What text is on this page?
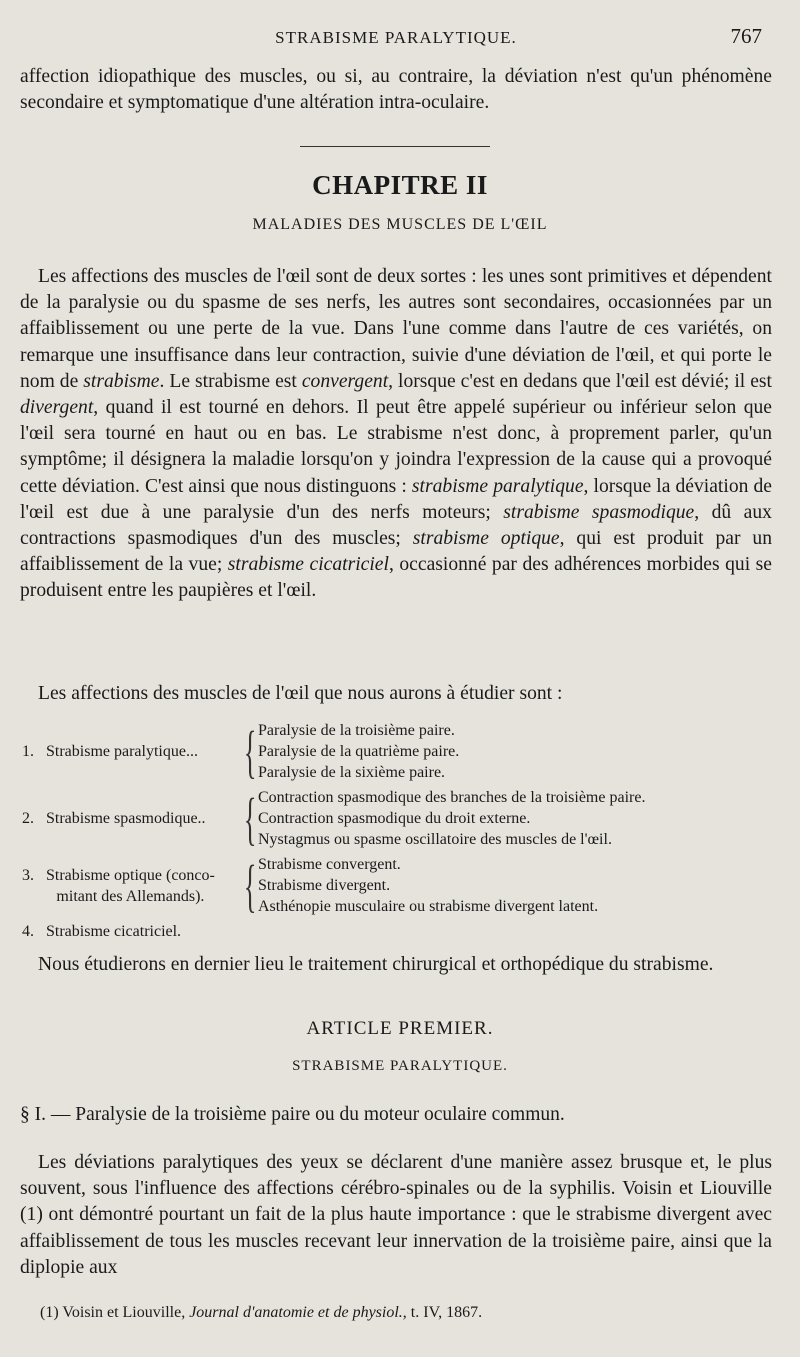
STRABISME PARALYTIQUE.	767

affection idiopathique des muscles, ou si, au contraire, la déviation n'est qu'un phénomène secondaire et symptomatique d'une altération intra-oculaire.

CHAPITRE II
MALADIES DES MUSCLES DE L'ŒIL

Les affections des muscles de l'œil sont de deux sortes : les unes sont primitives et dépendent de la paralysie ou du spasme de ses nerfs, les autres sont secondaires, occasionnées par un affaiblissement ou une perte de la vue. Dans l'une comme dans l'autre de ces variétés, on remarque une insuffisance dans leur contraction, suivie d'une déviation de l'œil, et qui porte le nom de strabisme. Le strabisme est convergent, lorsque c'est en dedans que l'œil est dévié; il est divergent, quand il est tourné en dehors. Il peut être appelé supérieur ou inférieur selon que l'œil sera tourné en haut ou en bas. Le strabisme n'est donc, à proprement parler, qu'un symptôme; il désignera la maladie lorsqu'on y joindra l'expression de la cause qui a provoqué cette déviation. C'est ainsi que nous distinguons : strabisme paralytique, lorsque la déviation de l'œil est due à une paralysie d'un des nerfs moteurs; strabisme spasmodique, dû aux contractions spasmodiques d'un des muscles; strabisme optique, qui est produit par un affaiblissement de la vue; strabisme cicatriciel, occasionné par des adhérences morbides qui se produisent entre les paupières et l'œil.

Les affections des muscles de l'œil que nous aurons à étudier sont :

1. Strabisme paralytique... { Paralysie de la troisième paire.
Paralysie de la quatrième paire.
Paralysie de la sixième paire.
2. Strabisme spasmodique.. { Contraction spasmodique des branches de la troisième paire.
Contraction spasmodique du droit externe.
Nystagmus ou spasme oscillatoire des muscles de l'œil.
3. Strabisme optique (conco-
mitant des Allemands). { Strabisme convergent.
Strabisme divergent.
Asthénopie musculaire ou strabisme divergent latent.
4. Strabisme cicatriciel.

Nous étudierons en dernier lieu le traitement chirurgical et orthopédique du strabisme.

ARTICLE PREMIER.
STRABISME PARALYTIQUE.
§ I. — Paralysie de la troisième paire ou du moteur oculaire commun.

Les déviations paralytiques des yeux se déclarent d'une manière assez brusque et, le plus souvent, sous l'influence des affections cérébro-spinales ou de la syphilis. Voisin et Liouville (1) ont démontré pourtant un fait de la plus haute importance : que le strabisme divergent avec affaiblissement de tous les muscles recevant leur innervation de la troisième paire, ainsi que la diplopie aux

(1) Voisin et Liouville, Journal d'anatomie et de physiol., t. IV, 1867.
